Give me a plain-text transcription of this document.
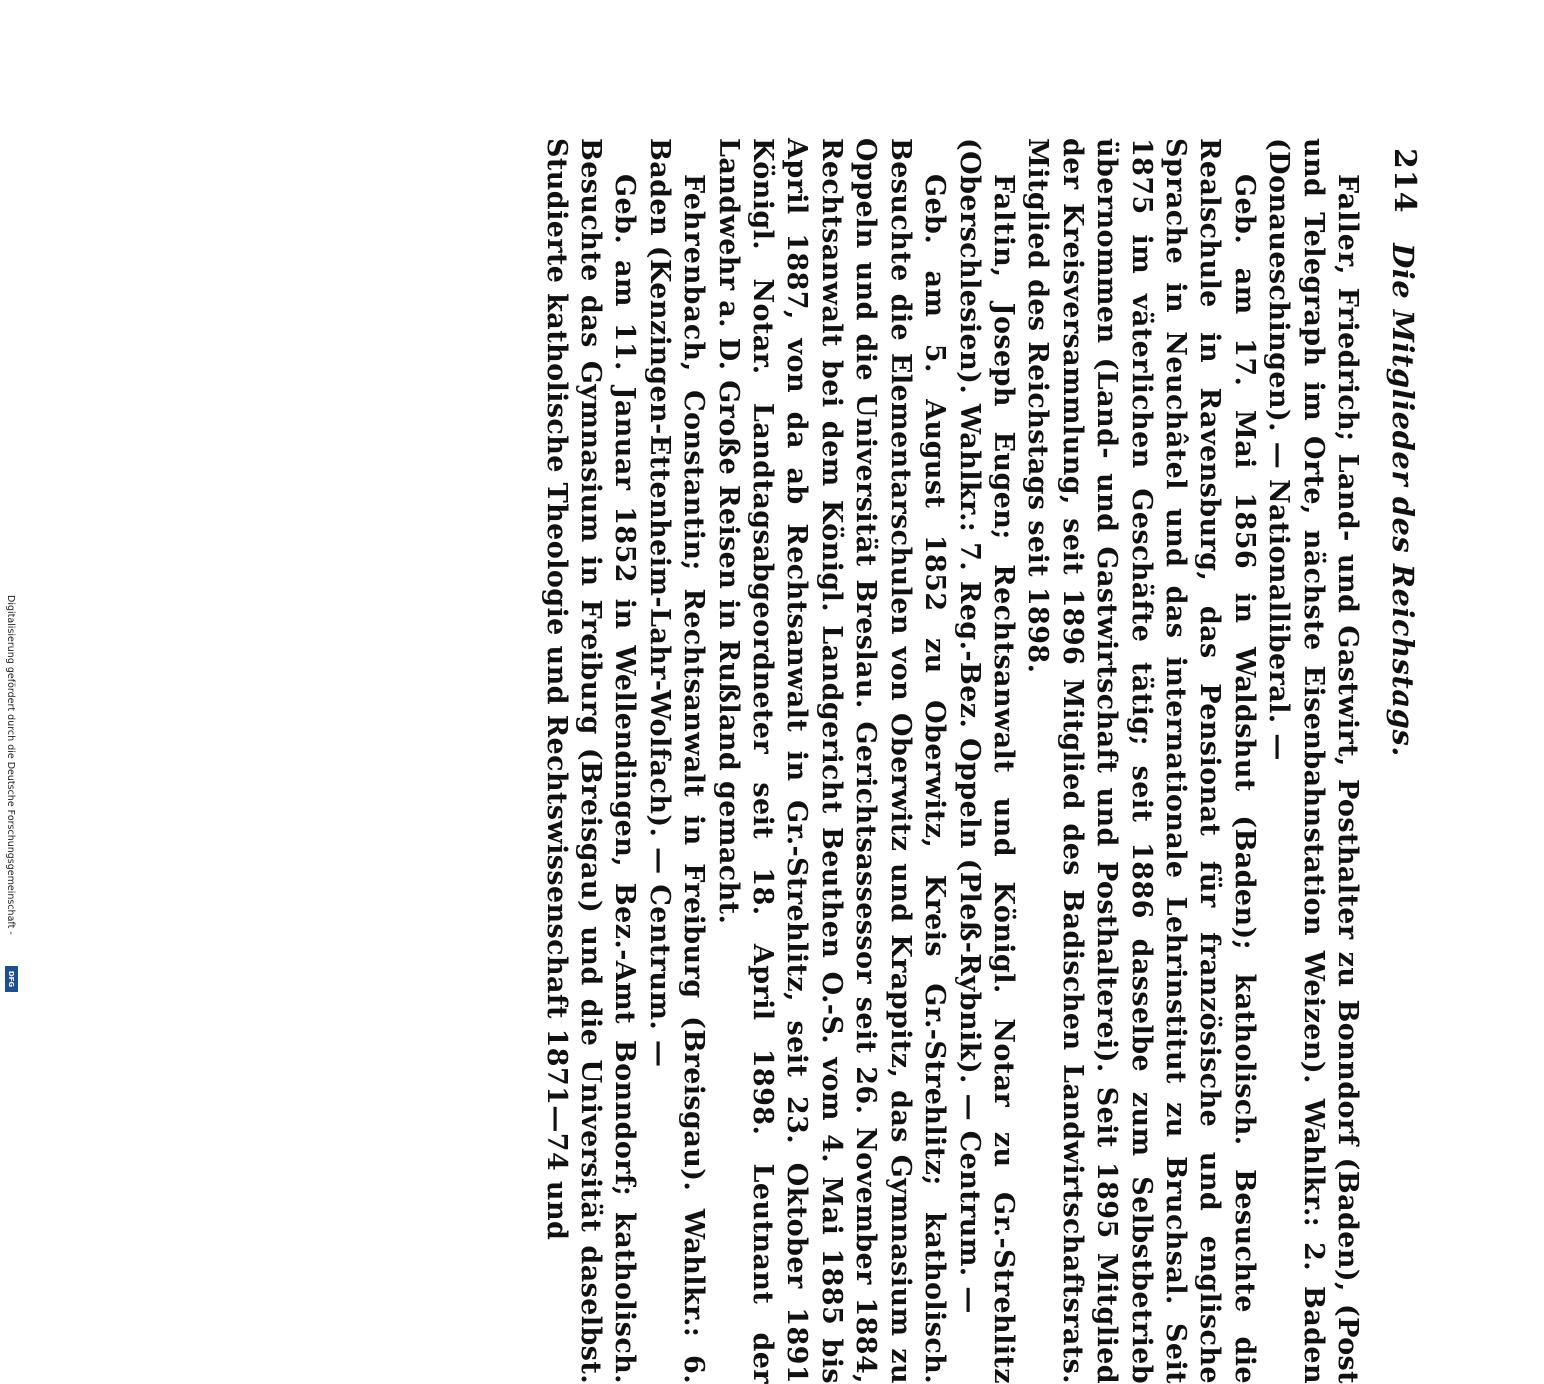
Digitalisierung gefördert durch die Deutsche Forschungsgemeinschaft -
DFG
214
Die Mitglieder des Reichstags.

Faller, Friedrich; Land- und Gastwirt, Posthalter zu Bonndorf (Baden), (Post und Telegraph im Orte, nächste Eisenbahnstation Weizen). Wahlkr.: 2. Baden (Donaueschingen). — Nationalliberal. —

Geb. am 17. Mai 1856 in Waldshut (Baden); katholisch. Besuchte die Realschule in Ravensburg, das Pensionat für französische und englische Sprache in Neuchâtel und das internationale Lehrinstitut zu Bruchsal. Seit 1875 im väterlichen Geschäfte tätig; seit 1886 dasselbe zum Selbstbetrieb übernommen (Land- und Gastwirtschaft und Posthalterei). Seit 1895 Mitglied der Kreisversammlung, seit 1896 Mitglied des Badischen Landwirtschaftsrats. Mitglied des Reichstags seit 1898.

Faltin, Joseph Eugen; Rechtsanwalt und Königl. Notar zu Gr.-Strehlitz (Oberschlesien). Wahlkr.: 7. Reg.-Bez. Oppeln (Pleß-Rybnik). — Centrum. —

Geb. am 5. August 1852 zu Oberwitz, Kreis Gr.-Strehlitz; katholisch. Besuchte die Elementarschulen von Oberwitz und Krappitz, das Gymnasium zu Oppeln und die Universität Breslau. Gerichtsassessor seit 26. November 1884, Rechtsanwalt bei dem Königl. Landgericht Beuthen O.-S. vom 4. Mai 1885 bis April 1887, von da ab Rechtsanwalt in Gr.-Strehlitz, seit 23. Oktober 1891 Königl. Notar. Landtagsabgeordneter seit 18. April 1898. Leutnant der Landwehr a. D. Große Reisen in Rußland gemacht.

Fehrenbach, Constantin; Rechtsanwalt in Freiburg (Breisgau). Wahlkr.: 6. Baden (Kenzingen-Ettenheim-Lahr-Wolfach). — Centrum. —

Geb. am 11. Januar 1852 in Wellendingen, Bez.-Amt Bonndorf; katholisch. Besuchte das Gymnasium in Freiburg (Breisgau) und die Universität daselbst. Studierte katholische Theologie und Rechtswissenschaft 1871—74 und
